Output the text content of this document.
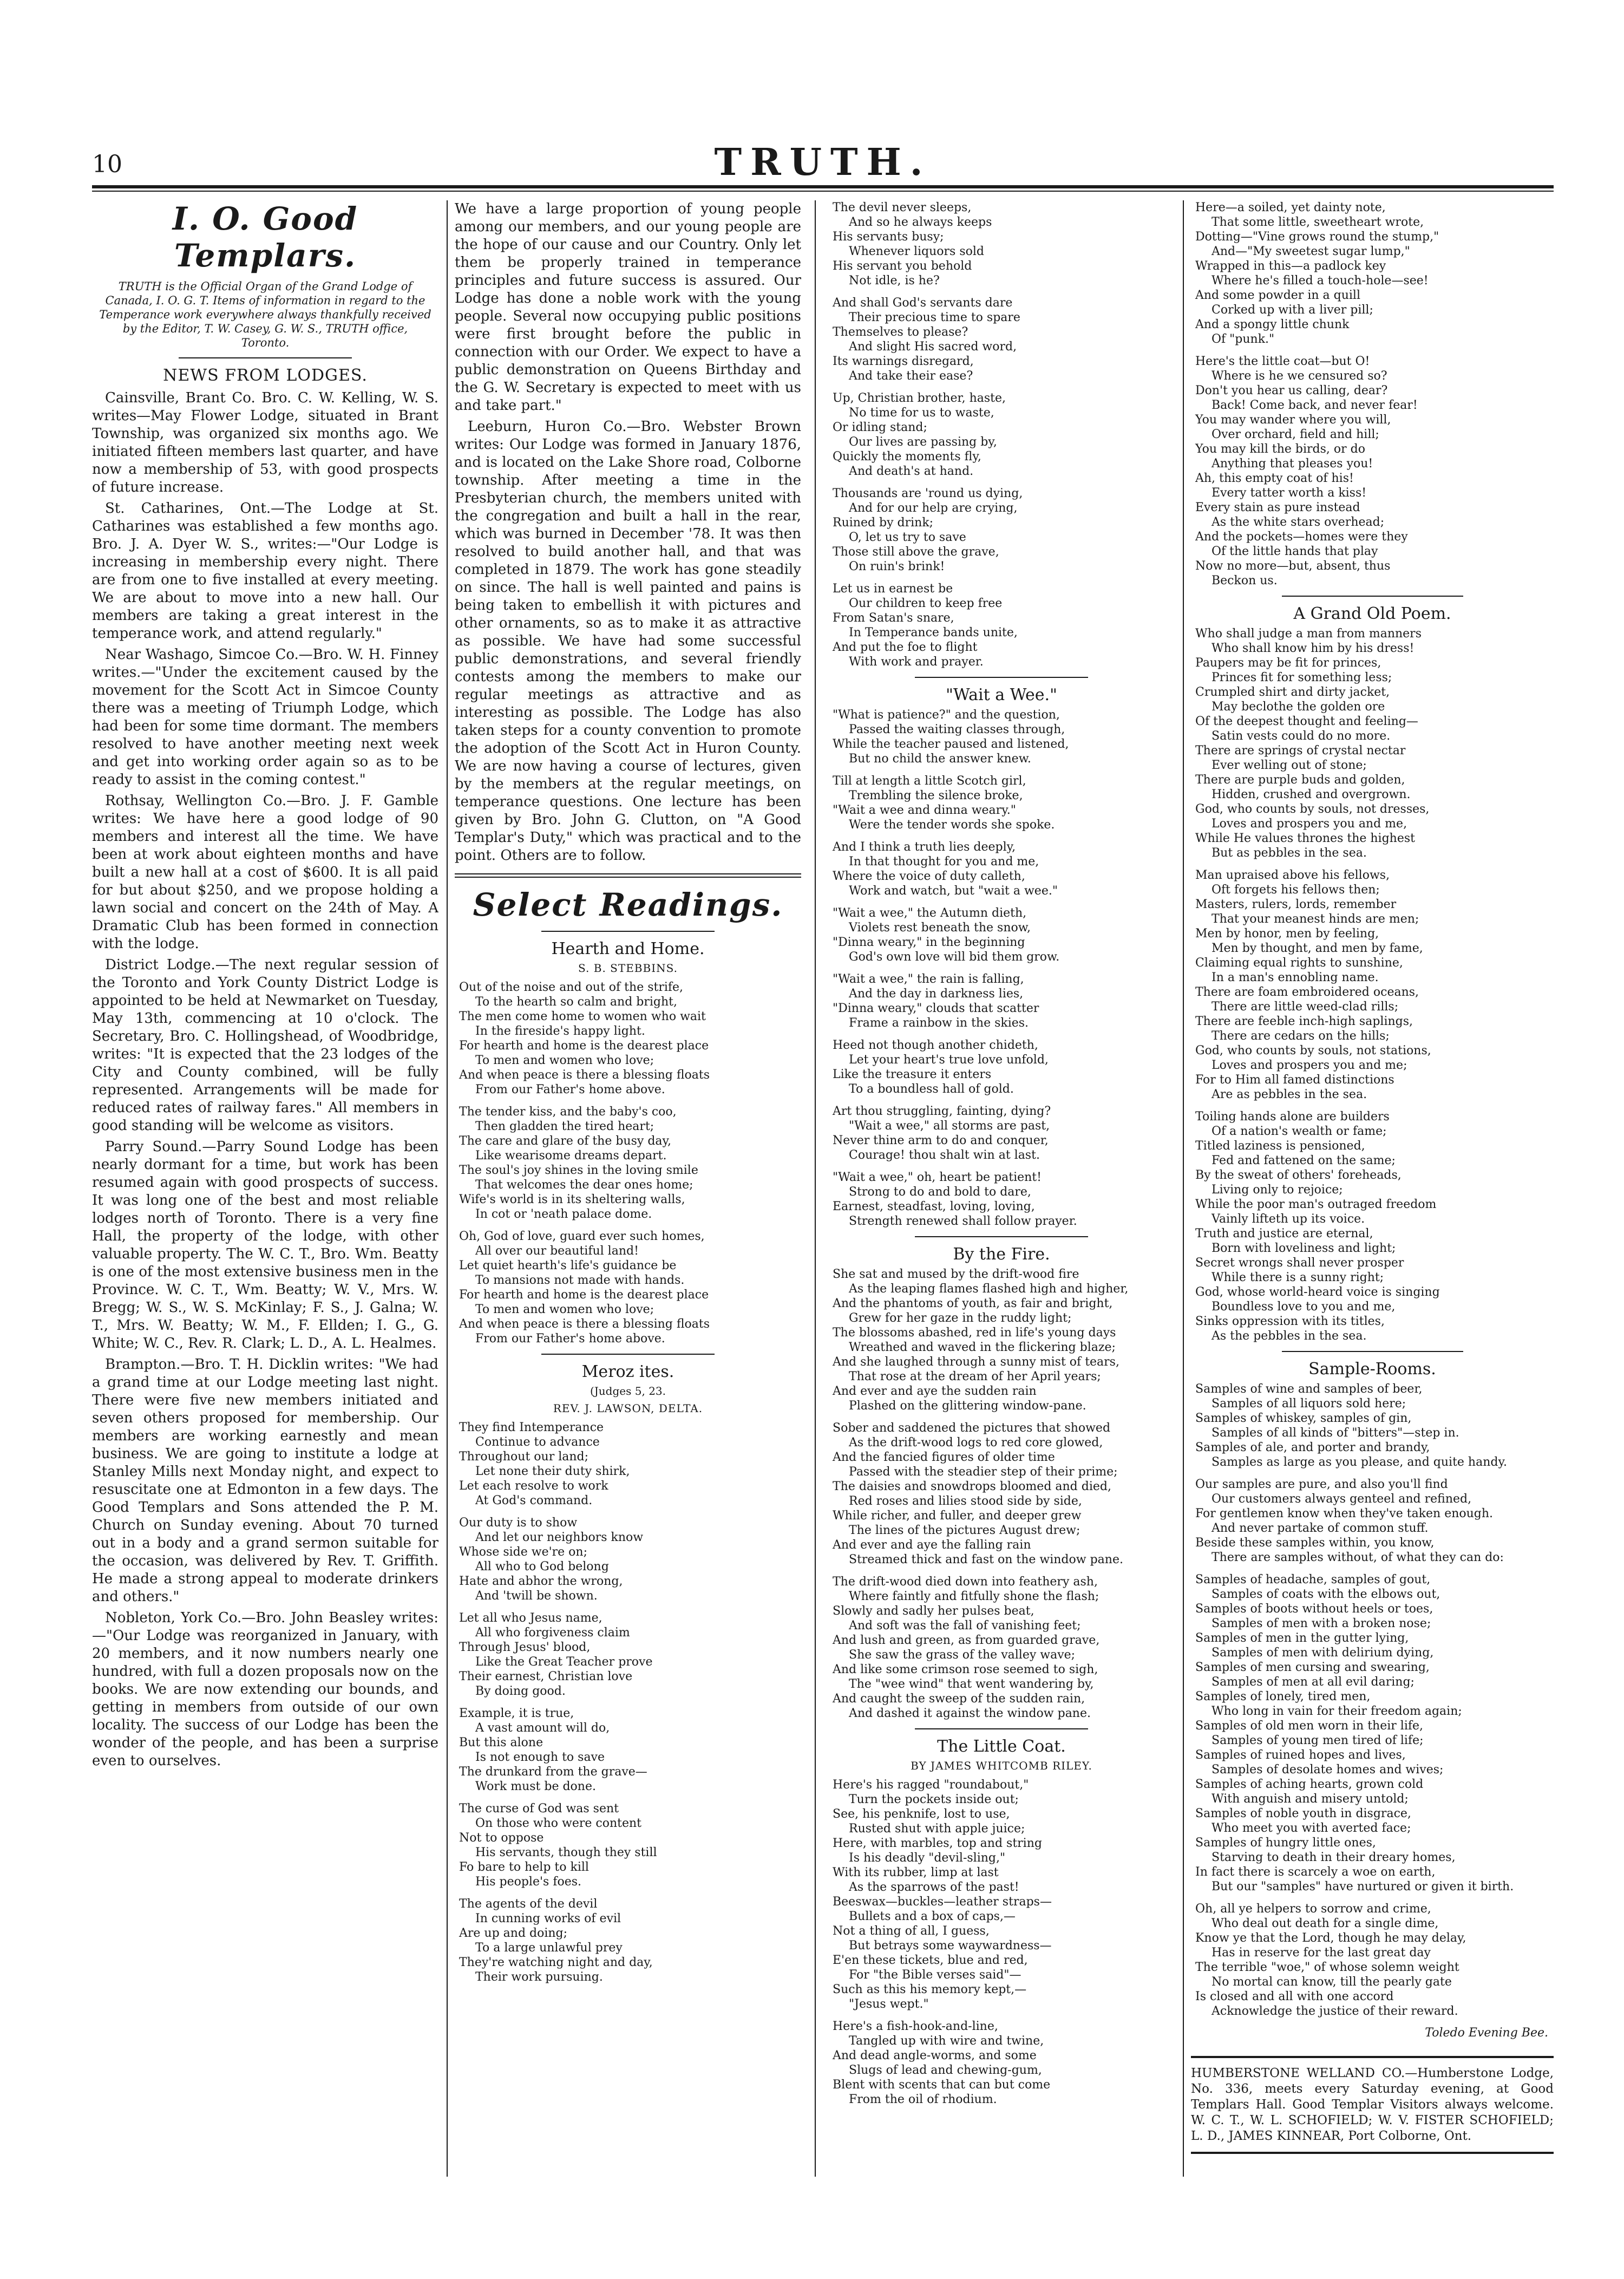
10	TRUTH.
I. O. Good Templars.
TRUTH is the Official Organ of the Grand Lodge of Canada, I. O. G. T. Items of information in regard to the Temperance work everywhere always thankfully received by the Editor, T. W. Casey, G. W. S., TRUTH office, Toronto.
NEWS FROM LODGES.

Cainsville, Brant Co. Bro. C. W. Kelling, W. S. writes—May Flower Lodge, situated in Brant Township, was organized six months ago. We initiated fifteen members last quarter, and have now a membership of 53, with good prospects of future increase.

St. Catharines, Ont.—The Lodge at St. Catharines was established a few months ago. Bro. J. A. Dyer W. S., writes:—"Our Lodge is increasing in membership every night. There are from one to five installed at every meeting. We are about to move into a new hall. Our members are taking a great interest in the temperance work, and attend regularly."

Near Washago, Simcoe Co.—Bro. W. H. Finney writes.—"Under the excitement caused by the movement for the Scott Act in Simcoe County there was a meeting of Triumph Lodge, which had been for some time dormant. The members resolved to have another meeting next week and get into working order again so as to be ready to assist in the coming contest."

Rothsay, Wellington Co.—Bro. J. F. Gamble writes: We have here a good lodge of 90 members and interest all the time. We have been at work about eighteen months and have built a new hall at a cost of $600. It is all paid for but about $250, and we propose holding a lawn social and concert on the 24th of May. A Dramatic Club has been formed in connection with the lodge.

District Lodge.—The next regular session of the Toronto and York County District Lodge is appointed to be held at Newmarket on Tuesday, May 13th, commencing at 10 o'clock. The Secretary, Bro. C. Hollingshead, of Woodbridge, writes: "It is expected that the 23 lodges of the City and County combined, will be fully represented. Arrangements will be made for reduced rates of railway fares." All members in good standing will be welcome as visitors.

Parry Sound.—Parry Sound Lodge has been nearly dormant for a time, but work has been resumed again with good prospects of success. It was long one of the best and most reliable lodges north of Toronto. There is a very fine Hall, the property of the lodge, with other valuable property. The W. C. T., Bro. Wm. Beatty is one of the most extensive business men in the Province. W. C. T., Wm. Beatty; W. V., Mrs. W. Bregg; W. S., W. S. McKinlay; F. S., J. Galna; W. T., Mrs. W. Beatty; W. M., F. Ellden; I. G., G. White; W. C., Rev. R. Clark; L. D., A. L. Healmes.

Brampton.—Bro. T. H. Dicklin writes: "We had a grand time at our Lodge meeting last night. There were five new members initiated and seven others proposed for membership. Our members are working earnestly and mean business. We are going to institute a lodge at Stanley Mills next Monday night, and expect to resuscitate one at Edmonton in a few days. The Good Templars and Sons attended the P. M. Church on Sunday evening. About 70 turned out in a body and a grand sermon suitable for the occasion, was delivered by Rev. T. Griffith. He made a strong appeal to moderate drinkers and others."

Nobleton, York Co.—Bro. John Beasley writes:—"Our Lodge was reorganized in January, with 20 members, and it now numbers nearly one hundred, with full a dozen proposals now on the books. We are now extending our bounds, and getting in members from outside of our own locality. The success of our Lodge has been the wonder of the people, and has been a surprise even to ourselves.

We have a large proportion of young people among our members, and our young people are the hope of our cause and our Country. Only let them be properly trained in temperance principles and future success is assured. Our Lodge has done a noble work with the young people. Several now occupying public positions were first brought before the public in connection with our Order. We expect to have a public demonstration on Queens Birthday and the G. W. Secretary is expected to meet with us and take part."

Leeburn, Huron Co.—Bro. Webster Brown writes: Our Lodge was formed in January 1876, and is located on the Lake Shore road, Colborne township. After meeting a time in the Presbyterian church, the members united with the congregation and built a hall in the rear, which was burned in December '78. It was then resolved to build another hall, and that was completed in 1879. The work has gone steadily on since. The hall is well painted and pains is being taken to embellish it with pictures and other ornaments, so as to make it as attractive as possible. We have had some successful public demonstrations, and several friendly contests among the members to make our regular meetings as attractive and as interesting as possible. The Lodge has also taken steps for a county convention to promote the adoption of the Scott Act in Huron County. We are now having a course of lectures, given by the members at the regular meetings, on temperance questions. One lecture has been given by Bro. John G. Clutton, on "A Good Templar's Duty," which was practical and to the point. Others are to follow.

Select Readings.
Hearth and Home.
S. B. STEBBINS.
Out of the noise and out of the strife,
To the hearth so calm and bright,
The men come home to women who wait
In the fireside's happy light.
For hearth and home is the dearest place
To men and women who love;
And when peace is there a blessing floats
From our Father's home above.
The tender kiss, and the baby's coo,
Then gladden the tired heart;
The care and glare of the busy day,
Like wearisome dreams depart.
The soul's joy shines in the loving smile
That welcomes the dear ones home;
Wife's world is in its sheltering walls,
In cot or 'neath palace dome.
Oh, God of love, guard ever such homes,
All over our beautiful land!
Let quiet hearth's life's guidance be
To mansions not made with hands.
For hearth and home is the dearest place
To men and women who love;
And when peace is there a blessing floats
From our Father's home above.
Meroz ites.
(Judges 5, 23.
REV. J. LAWSON, DELTA.
They find Intemperance
Continue to advance
Throughout our land;
Let none their duty shirk,
Let each resolve to work
At God's command.
Our duty is to show
And let our neighbors know
Whose side we're on;
All who to God belong
Hate and abhor the wrong,
And 'twill be shown.
Let all who Jesus name,
All who forgiveness claim
Through Jesus' blood,
Like the Great Teacher prove
Their earnest, Christian love
By doing good.
Example, it is true,
A vast amount will do,
But this alone
Is not enough to save
The drunkard from the grave—
Work must be done.
The curse of God was sent
On those who were content
Not to oppose
His servants, though they still
Fo bare to help to kill
His people's foes.
The agents of the devil
In cunning works of evil
Are up and doing;
To a large unlawful prey
They're watching night and day,
Their work pursuing.
The devil never sleeps,
And so he always keeps
His servants busy;
Whenever liquors sold
His servant you behold
Not idle, is he?
And shall God's servants dare
Their precious time to spare
Themselves to please?
And slight His sacred word,
Its warnings disregard,
And take their ease?
Up, Christian brother, haste,
No time for us to waste,
Or idling stand;
Our lives are passing by,
Quickly the moments fly,
And death's at hand.
Thousands are 'round us dying,
And for our help are crying,
Ruined by drink;
O, let us try to save
Those still above the grave,
On ruin's brink!
Let us in earnest be
Our children to keep free
From Satan's snare,
In Temperance bands unite,
And put the foe to flight
With work and prayer.
"Wait a Wee."
"What is patience?" and the question,
Passed the waiting classes through,
While the teacher paused and listened,
But no child the answer knew.
Till at length a little Scotch girl,
Trembling the silence broke,
"Wait a wee and dinna weary."
Were the tender words she spoke.
And I think a truth lies deeply,
In that thought for you and me,
Where the voice of duty calleth,
Work and watch, but "wait a wee."
"Wait a wee," the Autumn dieth,
Violets rest beneath the snow,
"Dinna weary," in the beginning
God's own love will bid them grow.
"Wait a wee," the rain is falling,
And the day in darkness lies,
"Dinna weary," clouds that scatter
Frame a rainbow in the skies.
Heed not though another chideth,
Let your heart's true love unfold,
Like the treasure it enters
To a boundless hall of gold.
Art thou struggling, fainting, dying?
"Wait a wee," all storms are past,
Never thine arm to do and conquer,
Courage! thou shalt win at last.
"Wait a wee," oh, heart be patient!
Strong to do and bold to dare,
Earnest, steadfast, loving, loving,
Strength renewed shall follow prayer.
By the Fire.
She sat and mused by the drift-wood fire
As the leaping flames flashed high and higher,
And the phantoms of youth, as fair and bright,
Grew for her gaze in the ruddy light;
The blossoms abashed, red in life's young days
Wreathed and waved in the flickering blaze;
And she laughed through a sunny mist of tears,
That rose at the dream of her April years;
And ever and aye the sudden rain
Plashed on the glittering window-pane.
Sober and saddened the pictures that showed
As the drift-wood logs to red core glowed,
And the fancied figures of older time
Passed with the steadier step of their prime;
The daisies and snowdrops bloomed and died,
Red roses and lilies stood side by side,
While richer, and fuller, and deeper grew
The lines of the pictures August drew;
And ever and aye the falling rain
Streamed thick and fast on the window pane.
The drift-wood died down into feathery ash,
Where faintly and fitfully shone the flash;
Slowly and sadly her pulses beat,
And soft was the fall of vanishing feet;
And lush and green, as from guarded grave,
She saw the grass of the valley wave;
And like some crimson rose seemed to sigh,
The "wee wind" that went wandering by,
And caught the sweep of the sudden rain,
And dashed it against the window pane.
The Little Coat.
BY JAMES WHITCOMB RILEY.
Here's his ragged "roundabout,"
Turn the pockets inside out;
See, his penknife, lost to use,
Rusted shut with apple juice;
Here, with marbles, top and string
Is his deadly "devil-sling,"
With its rubber, limp at last
As the sparrows of the past!
Beeswax—buckles—leather straps—
Bullets and a box of caps,—
Not a thing of all, I guess,
But betrays some waywardness—
E'en these tickets, blue and red,
For "the Bible verses said"—
Such as this his memory kept,—
"Jesus wept."
Here's a fish-hook-and-line,
Tangled up with wire and twine,
And dead angle-worms, and some
Slugs of lead and chewing-gum,
Blent with scents that can but come
From the oil of rhodium.
Here—a soiled, yet dainty note,
That some little, sweetheart wrote,
Dotting—"Vine grows round the stump,"
And—"My sweetest sugar lump,"
Wrapped in this—a padlock key
Where he's filled a touch-hole—see!
And some powder in a quill
Corked up with a liver pill;
And a spongy little chunk
Of "punk."
Here's the little coat—but O!
Where is he we censured so?
Don't you hear us calling, dear?
Back! Come back, and never fear!
You may wander where you will,
Over orchard, field and hill;
You may kill the birds, or do
Anything that pleases you!
Ah, this empty coat of his!
Every tatter worth a kiss!
Every stain as pure instead
As the white stars overhead;
And the pockets—homes were they
Of the little hands that play
Now no more—but, absent, thus
Beckon us.
A Grand Old Poem.
Who shall judge a man from manners
Who shall know him by his dress!
Paupers may be fit for princes,
Princes fit for something less;
Crumpled shirt and dirty jacket,
May beclothe the golden ore
Of the deepest thought and feeling—
Satin vests could do no more.
There are springs of crystal nectar
Ever welling out of stone;
There are purple buds and golden,
Hidden, crushed and overgrown.
God, who counts by souls, not dresses,
Loves and prospers you and me,
While He values thrones the highest
But as pebbles in the sea.
Man upraised above his fellows,
Oft forgets his fellows then;
Masters, rulers, lords, remember
That your meanest hinds are men;
Men by honor, men by feeling,
Men by thought, and men by fame,
Claiming equal rights to sunshine,
In a man's ennobling name.
There are foam embroidered oceans,
There are little weed-clad rills;
There are feeble inch-high saplings,
There are cedars on the hills;
God, who counts by souls, not stations,
Loves and prospers you and me;
For to Him all famed distinctions
Are as pebbles in the sea.
Toiling hands alone are builders
Of a nation's wealth or fame;
Titled laziness is pensioned,
Fed and fattened on the same;
By the sweat of others' foreheads,
Living only to rejoice;
While the poor man's outraged freedom
Vainly lifteth up its voice.
Truth and justice are eternal,
Born with loveliness and light;
Secret wrongs shall never prosper
While there is a sunny right;
God, whose world-heard voice is singing
Boundless love to you and me,
Sinks oppression with its titles,
As the pebbles in the sea.
Sample-Rooms.
Samples of wine and samples of beer,
Samples of all liquors sold here;
Samples of whiskey, samples of gin,
Samples of all kinds of "bitters"—step in.
Samples of ale, and porter and brandy,
Samples as large as you please, and quite handy.
Our samples are pure, and also you'll find
Our customers always genteel and refined,
For gentlemen know when they've taken enough.
And never partake of common stuff.
Beside these samples within, you know,
There are samples without, of what they can do:
Samples of headache, samples of gout,
Samples of coats with the elbows out,
Samples of boots without heels or toes,
Samples of men with a broken nose;
Samples of men in the gutter lying,
Samples of men with delirium dying,
Samples of men cursing and swearing,
Samples of men at all evil daring;
Samples of lonely, tired men,
Who long in vain for their freedom again;
Samples of old men worn in their life,
Samples of young men tired of life;
Samples of ruined hopes and lives,
Samples of desolate homes and wives;
Samples of aching hearts, grown cold
With anguish and misery untold;
Samples of noble youth in disgrace,
Who meet you with averted face;
Samples of hungry little ones,
Starving to death in their dreary homes,
In fact there is scarcely a woe on earth,
But our "samples" have nurtured or given it birth.
Oh, all ye helpers to sorrow and crime,
Who deal out death for a single dime,
Know ye that the Lord, though he may delay,
Has in reserve for the last great day
The terrible "woe," of whose solemn weight
No mortal can know, till the pearly gate
Is closed and all with one accord
Acknowledge the justice of their reward.
Toledo Evening Bee.

HUMBERSTONE WELLAND CO.—Humberstone Lodge, No. 336, meets every Saturday evening, at Good Templars Hall. Good Templar Visitors always welcome. W. C. T., W. L. SCHOFIELD; W. V. FISTER SCHOFIELD; L. D., JAMES KINNEAR, Port Colborne, Ont.
